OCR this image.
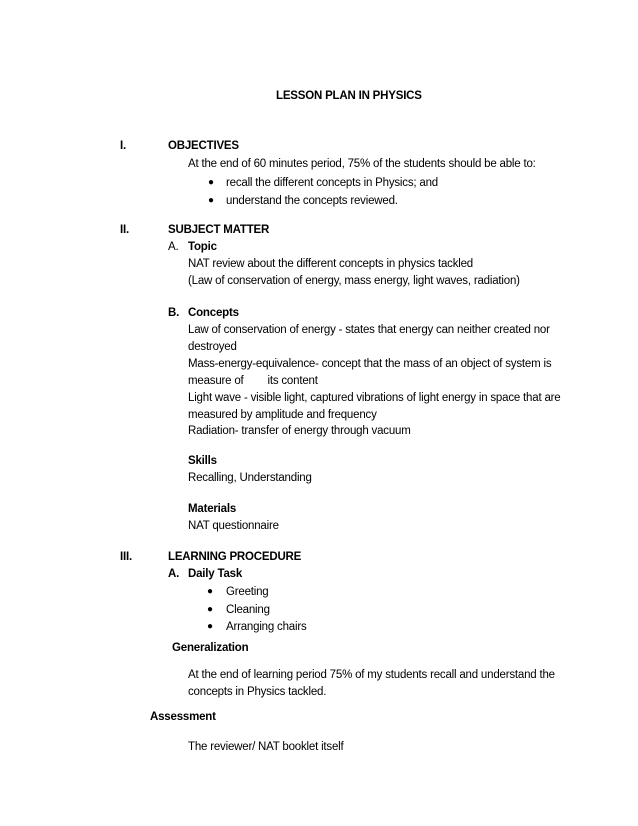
LESSON PLAN IN PHYSICS
I.	OBJECTIVES
At the end of 60 minutes period, 75% of the students should be able to:
● recall the different concepts in Physics; and
● understand the concepts reviewed.
II.	SUBJECT MATTER
A. Topic
NAT review about the different concepts in physics tackled
(Law of conservation of energy, mass energy, light waves, radiation)
B. Concepts
Law of conservation of energy - states that energy can neither created nor
destroyed
Mass-energy-equivalence- concept that the mass of an object of system is
measure of        its content
Light wave - visible light, captured vibrations of light energy in space that are
measured by amplitude and frequency
Radiation- transfer of energy through vacuum
Skills
Recalling, Understanding
Materials
NAT questionnaire
III.	LEARNING PROCEDURE
A. Daily Task
● Greeting
● Cleaning
● Arranging chairs
Generalization
At the end of learning period 75% of my students recall and understand the
concepts in Physics tackled.
Assessment
The reviewer/ NAT booklet itself
